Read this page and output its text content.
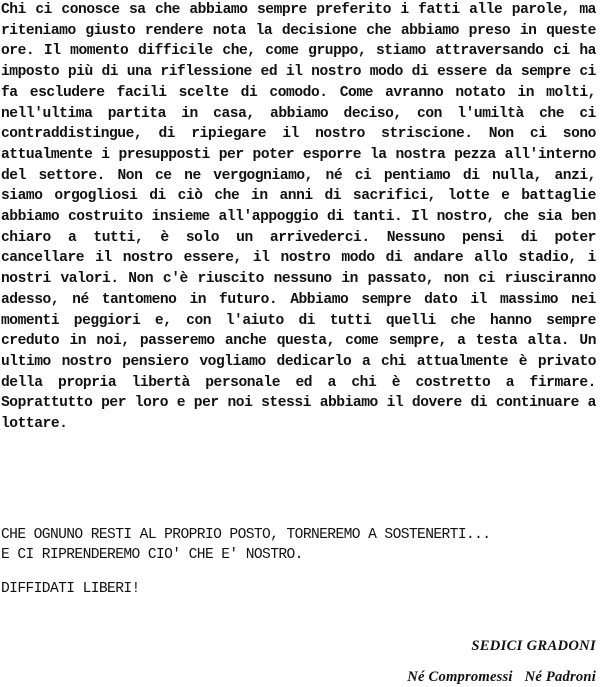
Chi ci conosce sa che abbiamo sempre preferito i fatti alle parole, ma riteniamo giusto rendere nota la decisione che abbiamo preso in queste ore. Il momento difficile che, come gruppo, stiamo attraversando ci ha imposto più di una riflessione ed il nostro modo di essere da sempre ci fa escludere facili scelte di comodo. Come avranno notato in molti, nell'ultima partita in casa, abbiamo deciso, con l'umiltà che ci contraddistingue, di ripiegare il nostro striscione. Non ci sono attualmente i presupposti per poter esporre la nostra pezza all'interno del settore. Non ce ne vergogniamo, né ci pentiamo di nulla, anzi, siamo orgogliosi di ciò che in anni di sacrifici, lotte e battaglie abbiamo costruito insieme all'appoggio di tanti. Il nostro, che sia ben chiaro a tutti, è solo un arrivederci. Nessuno pensi di poter cancellare il nostro essere, il nostro modo di andare allo stadio, i nostri valori. Non c'è riuscito nessuno in passato, non ci riusciranno adesso, né tantomeno in futuro. Abbiamo sempre dato il massimo nei momenti peggiori e, con l'aiuto di tutti quelli che hanno sempre creduto in noi, passeremo anche questa, come sempre, a testa alta. Un ultimo nostro pensiero vogliamo dedicarlo a chi attualmente è privato della propria libertà personale ed a chi è costretto a firmare. Soprattutto per loro e per noi stessi abbiamo il dovere di continuare a lottare.

CHE OGNUNO RESTI AL PROPRIO POSTO, TORNEREMO A SOSTENERTI...

E CI RIPRENDEREMO CIO' CHE E' NOSTRO.

DIFFIDATI LIBERI!

SEDICI GRADONI

Né Compromessi Né Padroni
